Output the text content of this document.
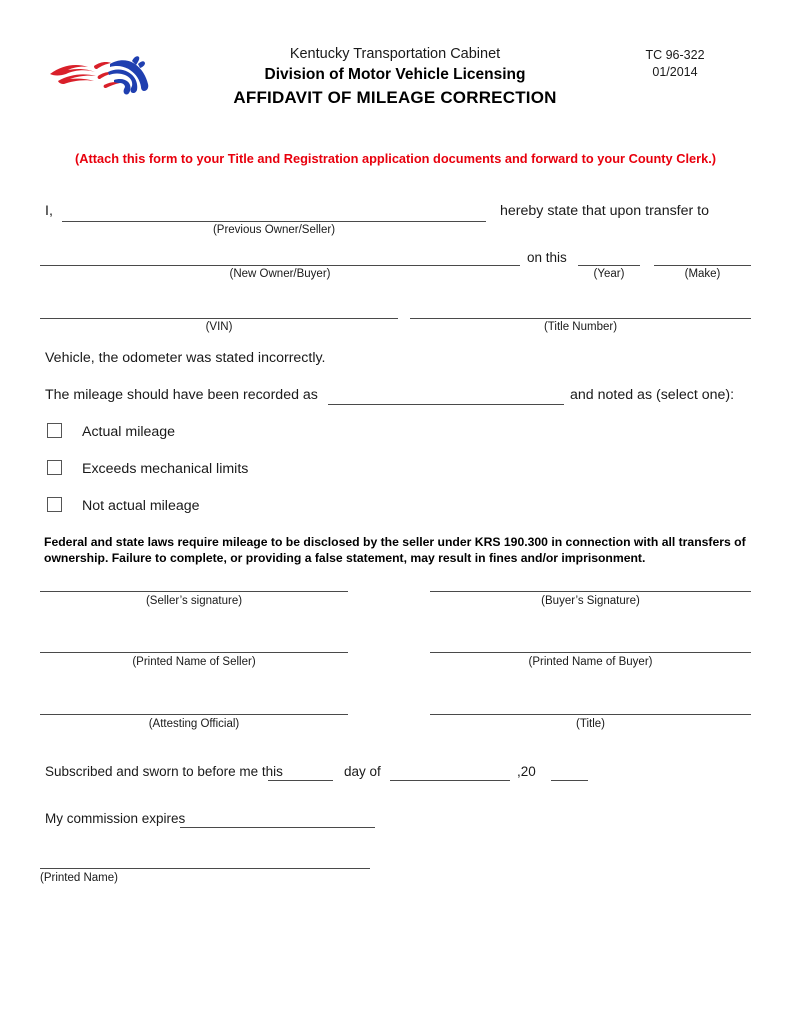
Kentucky Transportation Cabinet
Division of Motor Vehicle Licensing
AFFIDAVIT OF MILEAGE CORRECTION
TC 96-322
01/2014
(Attach this form to your Title and Registration application documents and forward to your County Clerk.)
I,
(Previous Owner/Seller)
hereby state that upon transfer to
(New Owner/Buyer)
on this
(Year)	(Make)
(VIN)	(Title Number)
Vehicle, the odometer was stated incorrectly.
The mileage should have been recorded as	and noted as (select one):
Actual mileage
Exceeds mechanical limits
Not actual mileage
Federal and state laws require mileage to be disclosed by the seller under KRS 190.300 in connection with all transfers of
ownership. Failure to complete, or providing a false statement, may result in fines and/or imprisonment.
(Seller’s signature)	(Buyer’s Signature)
(Printed Name of Seller)	(Printed Name of Buyer)
(Attesting Official)	(Title)
Subscribed and sworn to before me this	day of	,20
My commission expires
(Printed Name)
